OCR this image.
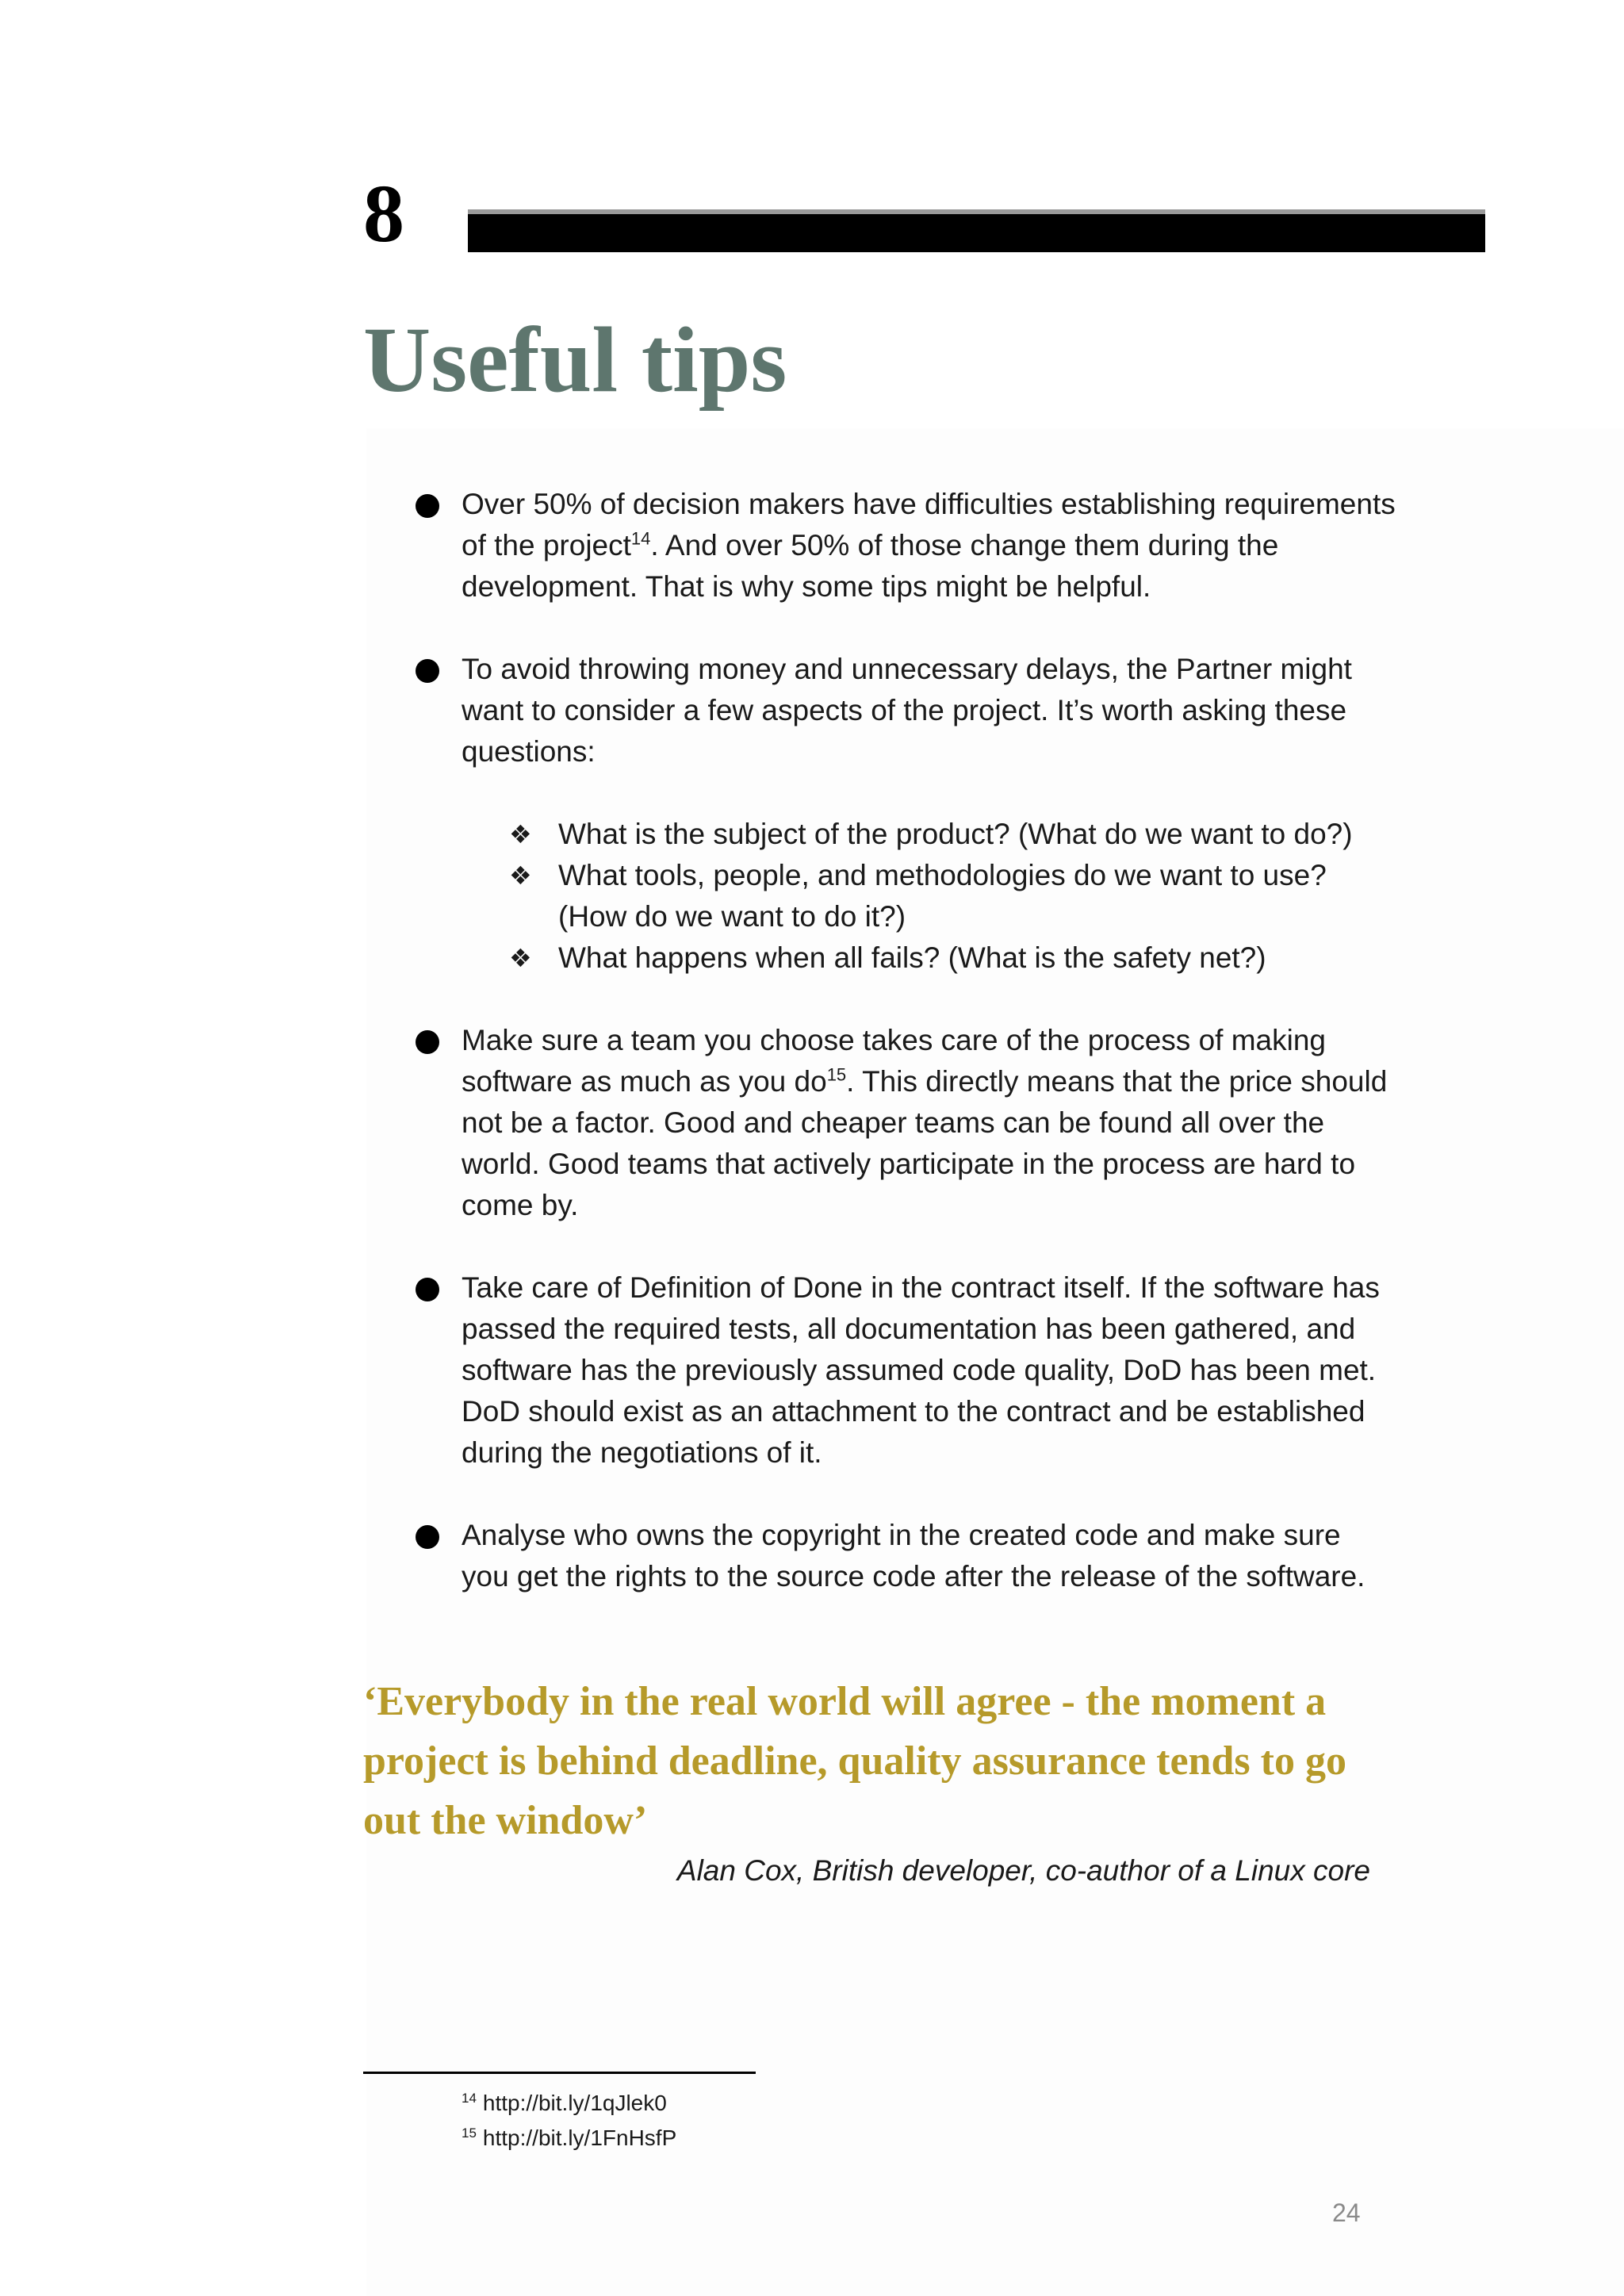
8
Useful tips
Over 50% of decision makers have difficulties establishing requirements of the project$^{14}$. And over 50% of those change them during the development. That is why some tips might be helpful.
To avoid throwing money and unnecessary delays, the Partner might want to consider a few aspects of the project. It’s worth asking these questions:
❖ What is the subject of the product? (What do we want to do?)
❖ What tools, people, and methodologies do we want to use? (How do we want to do it?)
❖ What happens when all fails? (What is the safety net?)
Make sure a team you choose takes care of the process of making software as much as you $do^{15}$. This directly means that the price should not be a factor. Good and cheaper teams can be found all over the world. Good teams that actively participate in the process are hard to come by.
Take care of Definition of Done in the contract itself. If the software has passed the required tests, all documentation has been gathered, and software has the previously assumed code quality, DoD has been met. DoD should exist as an attachment to the contract and be established during the negotiations of it.
Analyse who owns the copyright in the created code and make sure you get the rights to the source code after the release of the software.

‘Everybody in the real world will agree - the moment a project is behind deadline, quality assurance tends to go out the window’

Alan Cox, British developer, co-author of a Linux core
$^{14}$ http://bit.ly/1qJlek0
$^{15}$ http://bit.ly/1FnHsfP
24
